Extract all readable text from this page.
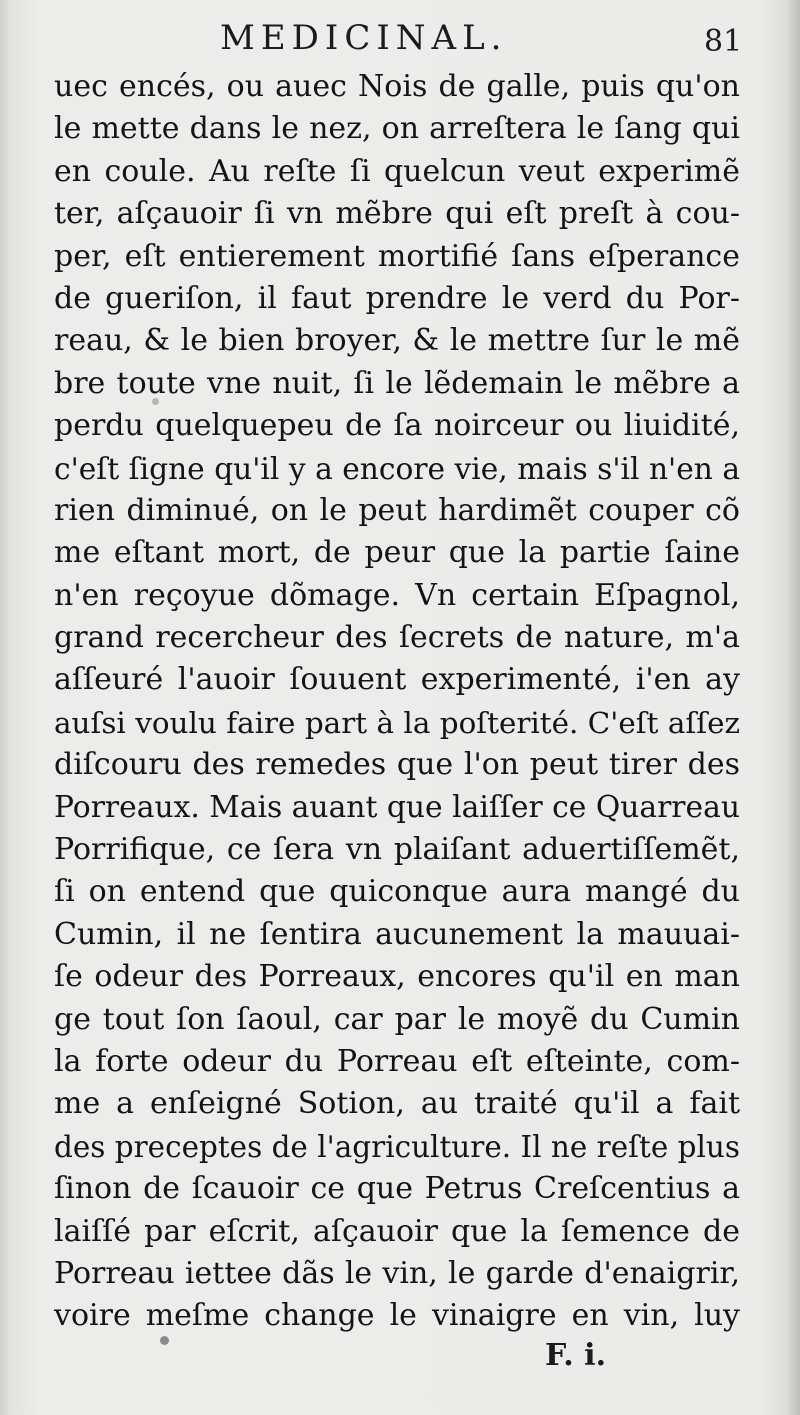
MEDICINAL.	81
uec encés, ou auec Nois de galle, puis qu'on
le mette dans le nez, on arreſtera le ſang qui
en coule. Au reſte ſi quelcun veut experimẽ
ter, aſçauoir ſi vn mẽbre qui eſt preſt à cou-
per, eſt entierement mortifié ſans eſperance
de gueriſon, il faut prendre le verd du Por-
reau, & le bien broyer, & le mettre ſur le mẽ
bre toute vne nuit, ſi le lẽdemain le mẽbre a
perdu quelquepeu de ſa noirceur ou liuidité,
c'eſt ſigne qu'il y a encore vie, mais s'il n'en a
rien diminué, on le peut hardimẽt couper cõ
me eſtant mort, de peur que la partie ſaine
n'en reçoyue dõmage. Vn certain Eſpagnol,
grand recercheur des ſecrets de nature, m'a
aſſeuré l'auoir ſouuent experimenté, i'en ay
auſsi voulu faire part à la poſterité. C'eſt aſſez
diſcouru des remedes que l'on peut tirer des
Porreaux. Mais auant que laiſſer ce Quarreau
Porrifique, ce ſera vn plaiſant aduertiſſemẽt,
ſi on entend que quiconque aura mangé du
Cumin, il ne ſentira aucunement la mauuai-
ſe odeur des Porreaux, encores qu'il en man
ge tout ſon ſaoul, car par le moyẽ du Cumin
la forte odeur du Porreau eſt eſteinte, com-
me a enſeigné Sotion, au traité qu'il a fait
des preceptes de l'agriculture. Il ne reſte plus
ſinon de ſcauoir ce que Petrus Creſcentius a
laiſſé par eſcrit, aſçauoir que la ſemence de
Porreau iettee dãs le vin, le garde d'enaigrir,
voire meſme change le vinaigre en vin, luy
F. i.
